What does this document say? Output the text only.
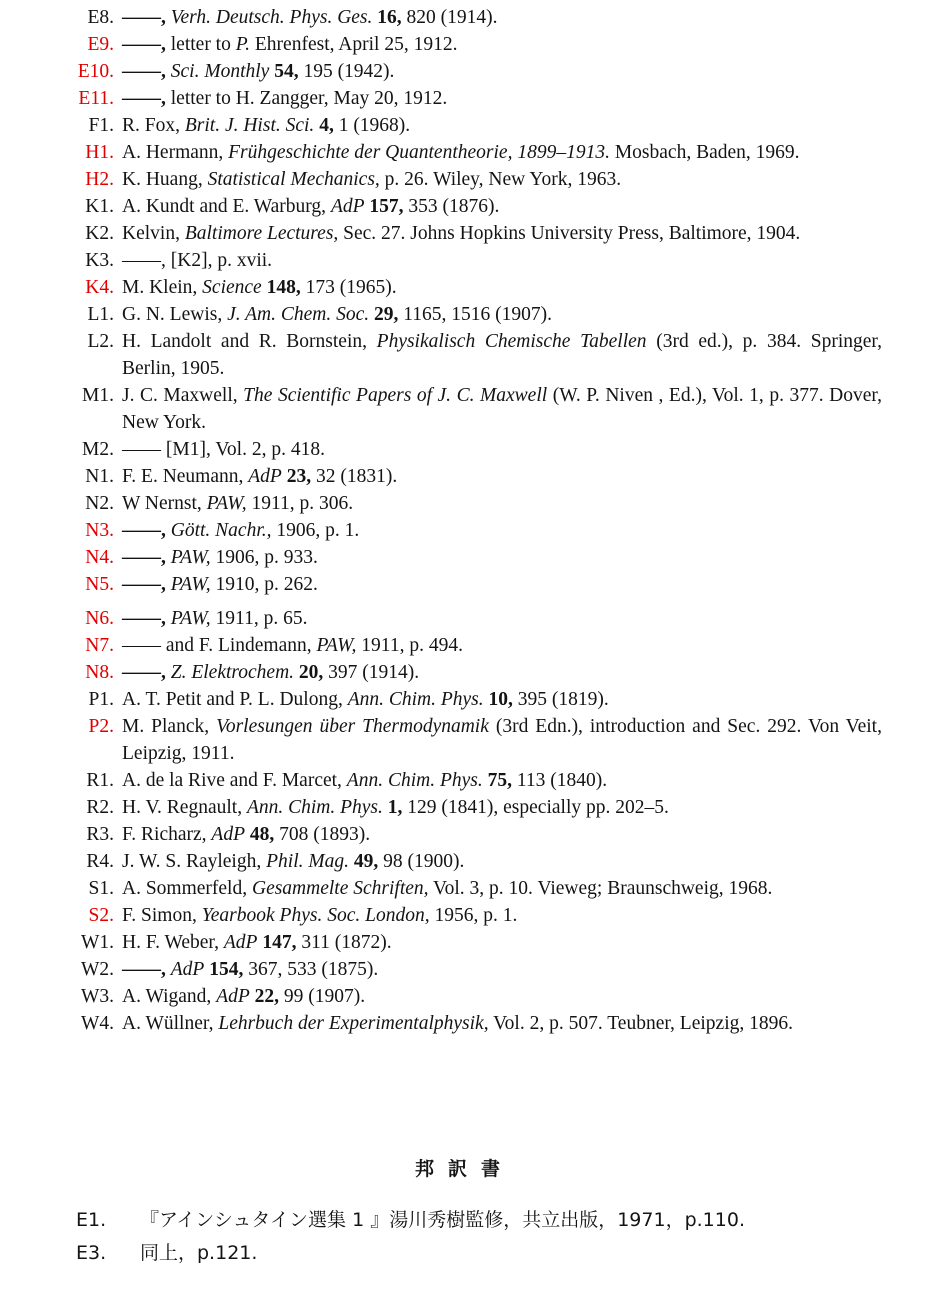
E8. ——, Verh. Deutsch. Phys. Ges. 16, 820 (1914).
E9. ——, letter to P. Ehrenfest, April 25, 1912.
E10. ——, Sci. Monthly 54, 195 (1942).
E11. ——, letter to H. Zangger, May 20, 1912.
F1. R. Fox, Brit. J. Hist. Sci. 4, 1 (1968).
H1. A. Hermann, Frühgeschichte der Quantentheorie, 1899–1913. Mosbach, Baden, 1969.
H2. K. Huang, Statistical Mechanics, p. 26. Wiley, New York, 1963.
K1. A. Kundt and E. Warburg, AdP 157, 353 (1876).
K2. Kelvin, Baltimore Lectures, Sec. 27. Johns Hopkins University Press, Baltimore, 1904.
K3. ——, [K2], p. xvii.
K4. M. Klein, Science 148, 173 (1965).
L1. G. N. Lewis, J. Am. Chem. Soc. 29, 1165, 1516 (1907).
L2. H. Landolt and R. Bornstein, Physikalisch Chemische Tabellen (3rd ed.), p. 384. Springer, Berlin, 1905.
M1. J. C. Maxwell, The Scientific Papers of J. C. Maxwell (W. P. Niven , Ed.), Vol. 1, p. 377. Dover, New York.
M2. —— [M1], Vol. 2, p. 418.
N1. F. E. Neumann, AdP 23, 32 (1831).
N2. W Nernst, PAW, 1911, p. 306.
N3. ——, Gött. Nachr., 1906, p. 1.
N4. ——, PAW, 1906, p. 933.
N5. ——, PAW, 1910, p. 262.
N6. ——, PAW, 1911, p. 65.
N7. —— and F. Lindemann, PAW, 1911, p. 494.
N8. ——, Z. Elektrochem. 20, 397 (1914).
P1. A. T. Petit and P. L. Dulong, Ann. Chim. Phys. 10, 395 (1819).
P2. M. Planck, Vorlesungen über Thermodynamik (3rd Edn.), introduction and Sec. 292. Von Veit, Leipzig, 1911.
R1. A. de la Rive and F. Marcet, Ann. Chim. Phys. 75, 113 (1840).
R2. H. V. Regnault, Ann. Chim. Phys. 1, 129 (1841), especially pp. 202–5.
R3. F. Richarz, AdP 48, 708 (1893).
R4. J. W. S. Rayleigh, Phil. Mag. 49, 98 (1900).
S1. A. Sommerfeld, Gesammelte Schriften, Vol. 3, p. 10. Vieweg; Braunschweig, 1968.
S2. F. Simon, Yearbook Phys. Soc. London, 1956, p. 1.
W1. H. F. Weber, AdP 147, 311 (1872).
W2. ——, AdP 154, 367, 533 (1875).
W3. A. Wigand, AdP 22, 99 (1907).
W4. A. Wüllner, Lehrbuch der Experimentalphysik, Vol. 2, p. 507. Teubner, Leipzig, 1896.
邦訳書
E1. 『アインシュタイン選集 1 』湯川秀樹監修，共立出版，1971，p.110.
E3. 同上，p.121.
